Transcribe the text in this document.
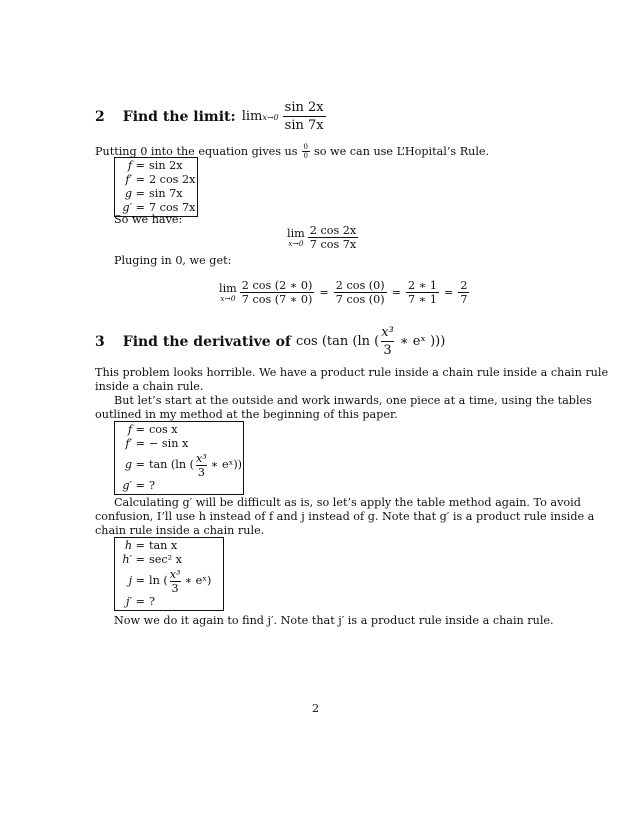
2 Find the limit: $\lim x\to 0 \frac{\sin 2x}{\sin 7x}$
Putting 0 into the equation gives us $\frac{0}{0}$ so we can use L’Hopital’s Rule.
f = sin 2x
f′ = 2 cos 2x
g = sin 7x
g′ = 7 cos 7x
So we have:
lim
$x\to 0 \frac{2 \cos 2x}{7 \cos 7x}$
Pluging in 0, we get:
lim
$x\to 0 \frac{2 \cos (2 ∗ 0)}{7 \cos (7 ∗ 0)} = \frac{2 \cos (0)}{7 \cos (0)} = \frac{2 ∗ 1}{7 ∗ 1} = \frac{2}{7}$
3 Find the derivative of cos (tan (ln ( $\frac{\text{x³}}{3}$ ∗ eˣ )))
This problem looks horrible. We have a product rule inside a chain rule inside a chain rule
inside a chain rule.
But let’s start at the outside and work inwards, one piece at a time, using the tables
outlined in my method at the beginning of this paper.
f = cos x
f′ = − sin x
g = tan (ln ( $\frac{\text{x³}}{3}$ ∗ eˣ))
g′ = ?
Calculating g′ will be difficult as is, so let’s apply the table method again. To avoid
confusion, I’ll use h instead of f and j instead of g. Note that g′ is a product rule inside a
chain rule inside a chain rule.
h = tan x
h′ = sec² x
j = ln ( $\frac{\text{x³}}{3}$ ∗ eˣ)
j′ = ?
Now we do it again to find j′. Note that j′ is a product rule inside a chain rule.
2
